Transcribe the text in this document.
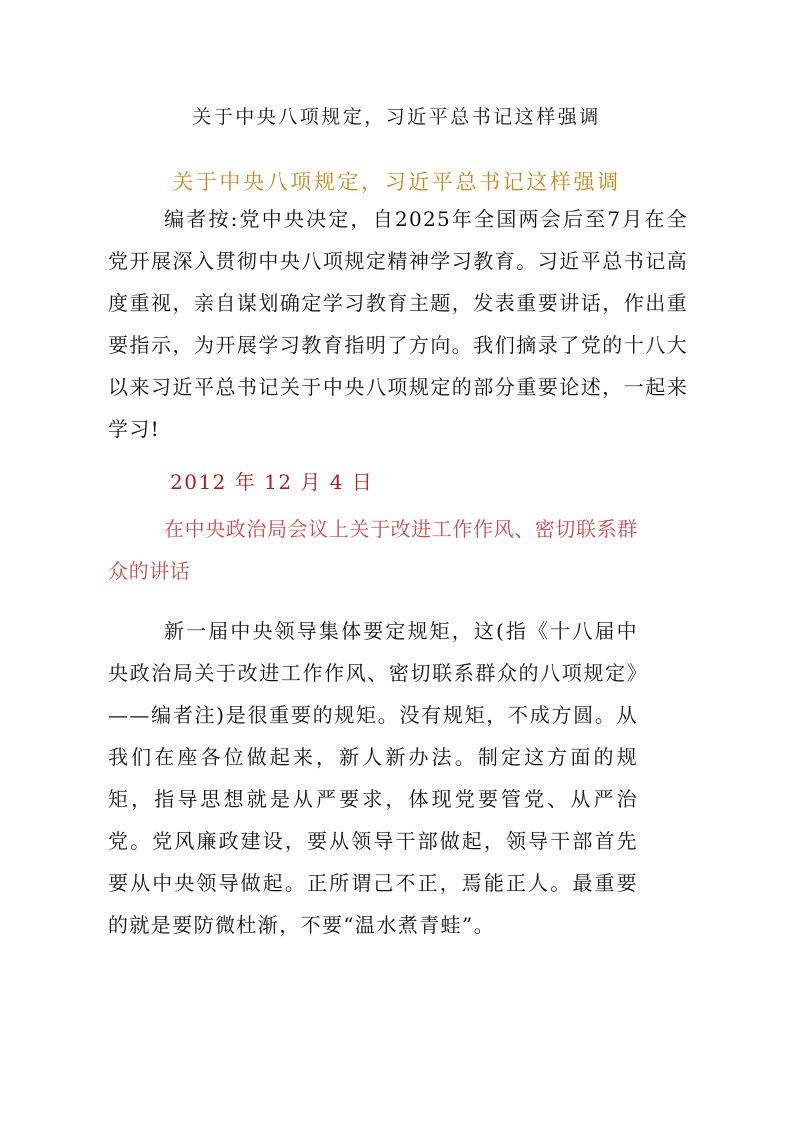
关于中央八项规定，习近平总书记这样强调
关于中央八项规定，习近平总书记这样强调

编者按:党中央决定，自2025年全国两会后至7月在全党开展深入贯彻中央八项规定精神学习教育。习近平总书记高度重视，亲自谋划确定学习教育主题，发表重要讲话，作出重要指示，为开展学习教育指明了方向。我们摘录了党的十八大以来习近平总书记关于中央八项规定的部分重要论述，一起来学习!

2012 年 12 月 4 日

在中央政治局会议上关于改进工作作风、密切联系群众的讲话

新一届中央领导集体要定规矩，这(指《十八届中央政治局关于改进工作作风、密切联系群众的八项规定》——编者注)是很重要的规矩。没有规矩，不成方圆。从我们在座各位做起来，新人新办法。制定这方面的规矩，指导思想就是从严要求，体现党要管党、从严治党。党风廉政建设，要从领导干部做起，领导干部首先要从中央领导做起。正所谓己不正，焉能正人。最重要的就是要防微杜渐，不要“温水煮青蛙”。
